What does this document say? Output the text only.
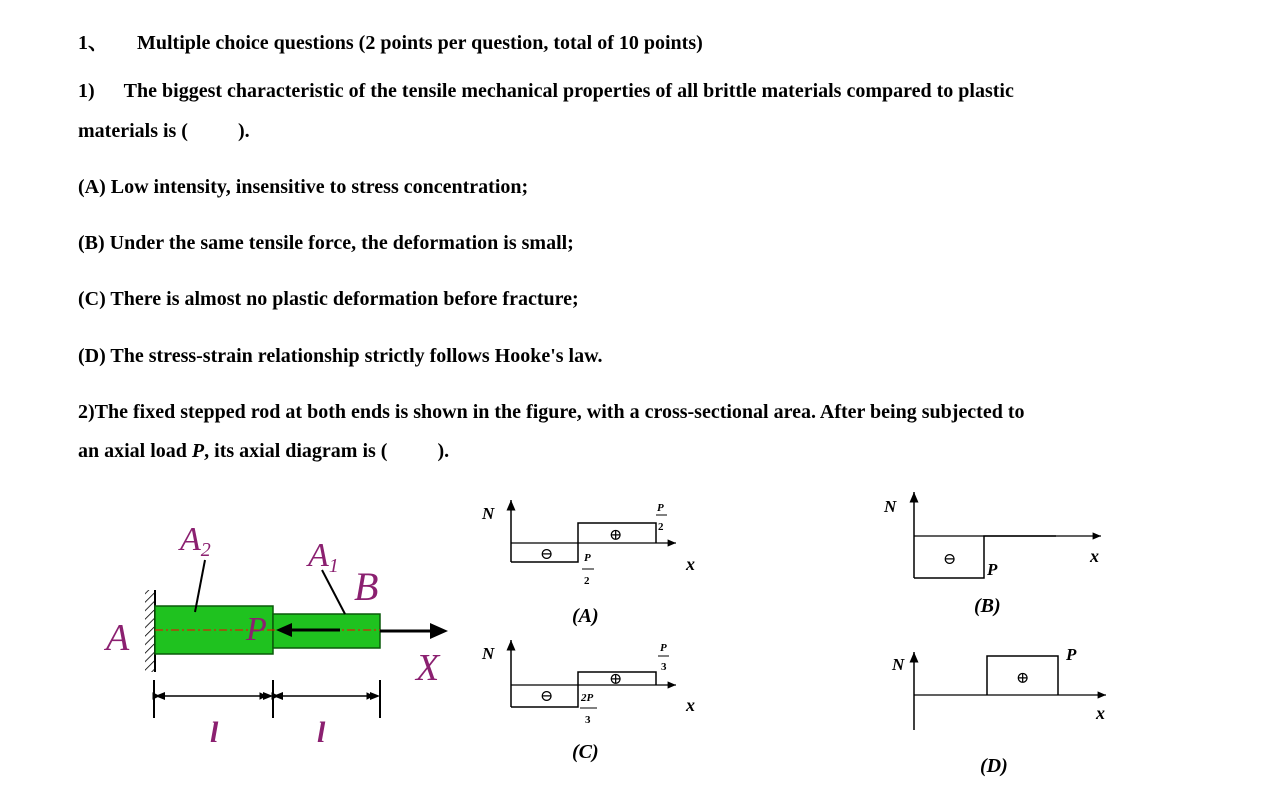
1、 Multiple choice questions (2 points per question, total of 10 points)
1) The biggest characteristic of the tensile mechanical properties of all brittle materials compared to plastic
materials is (          ).
(A) Low intensity, insensitive to stress concentration;
(B) Under the same tensile force, the deformation is small;
(C) There is almost no plastic deformation before fracture;
(D) The stress-strain relationship strictly follows Hooke's law.
2)The fixed stepped rod at both ends is shown in the figure, with a cross-sectional area. After being subjected to
an axial load P, its axial diagram is (          ).
A2	A1 B
A	P
X
l	l
N
x
⊕
⊖
P
2
P
2
(A)
N
x
⊖
P
(B)
N
x
⊕
⊖
P
3
2P
3
(C)
N
x
⊕
P
(D)
